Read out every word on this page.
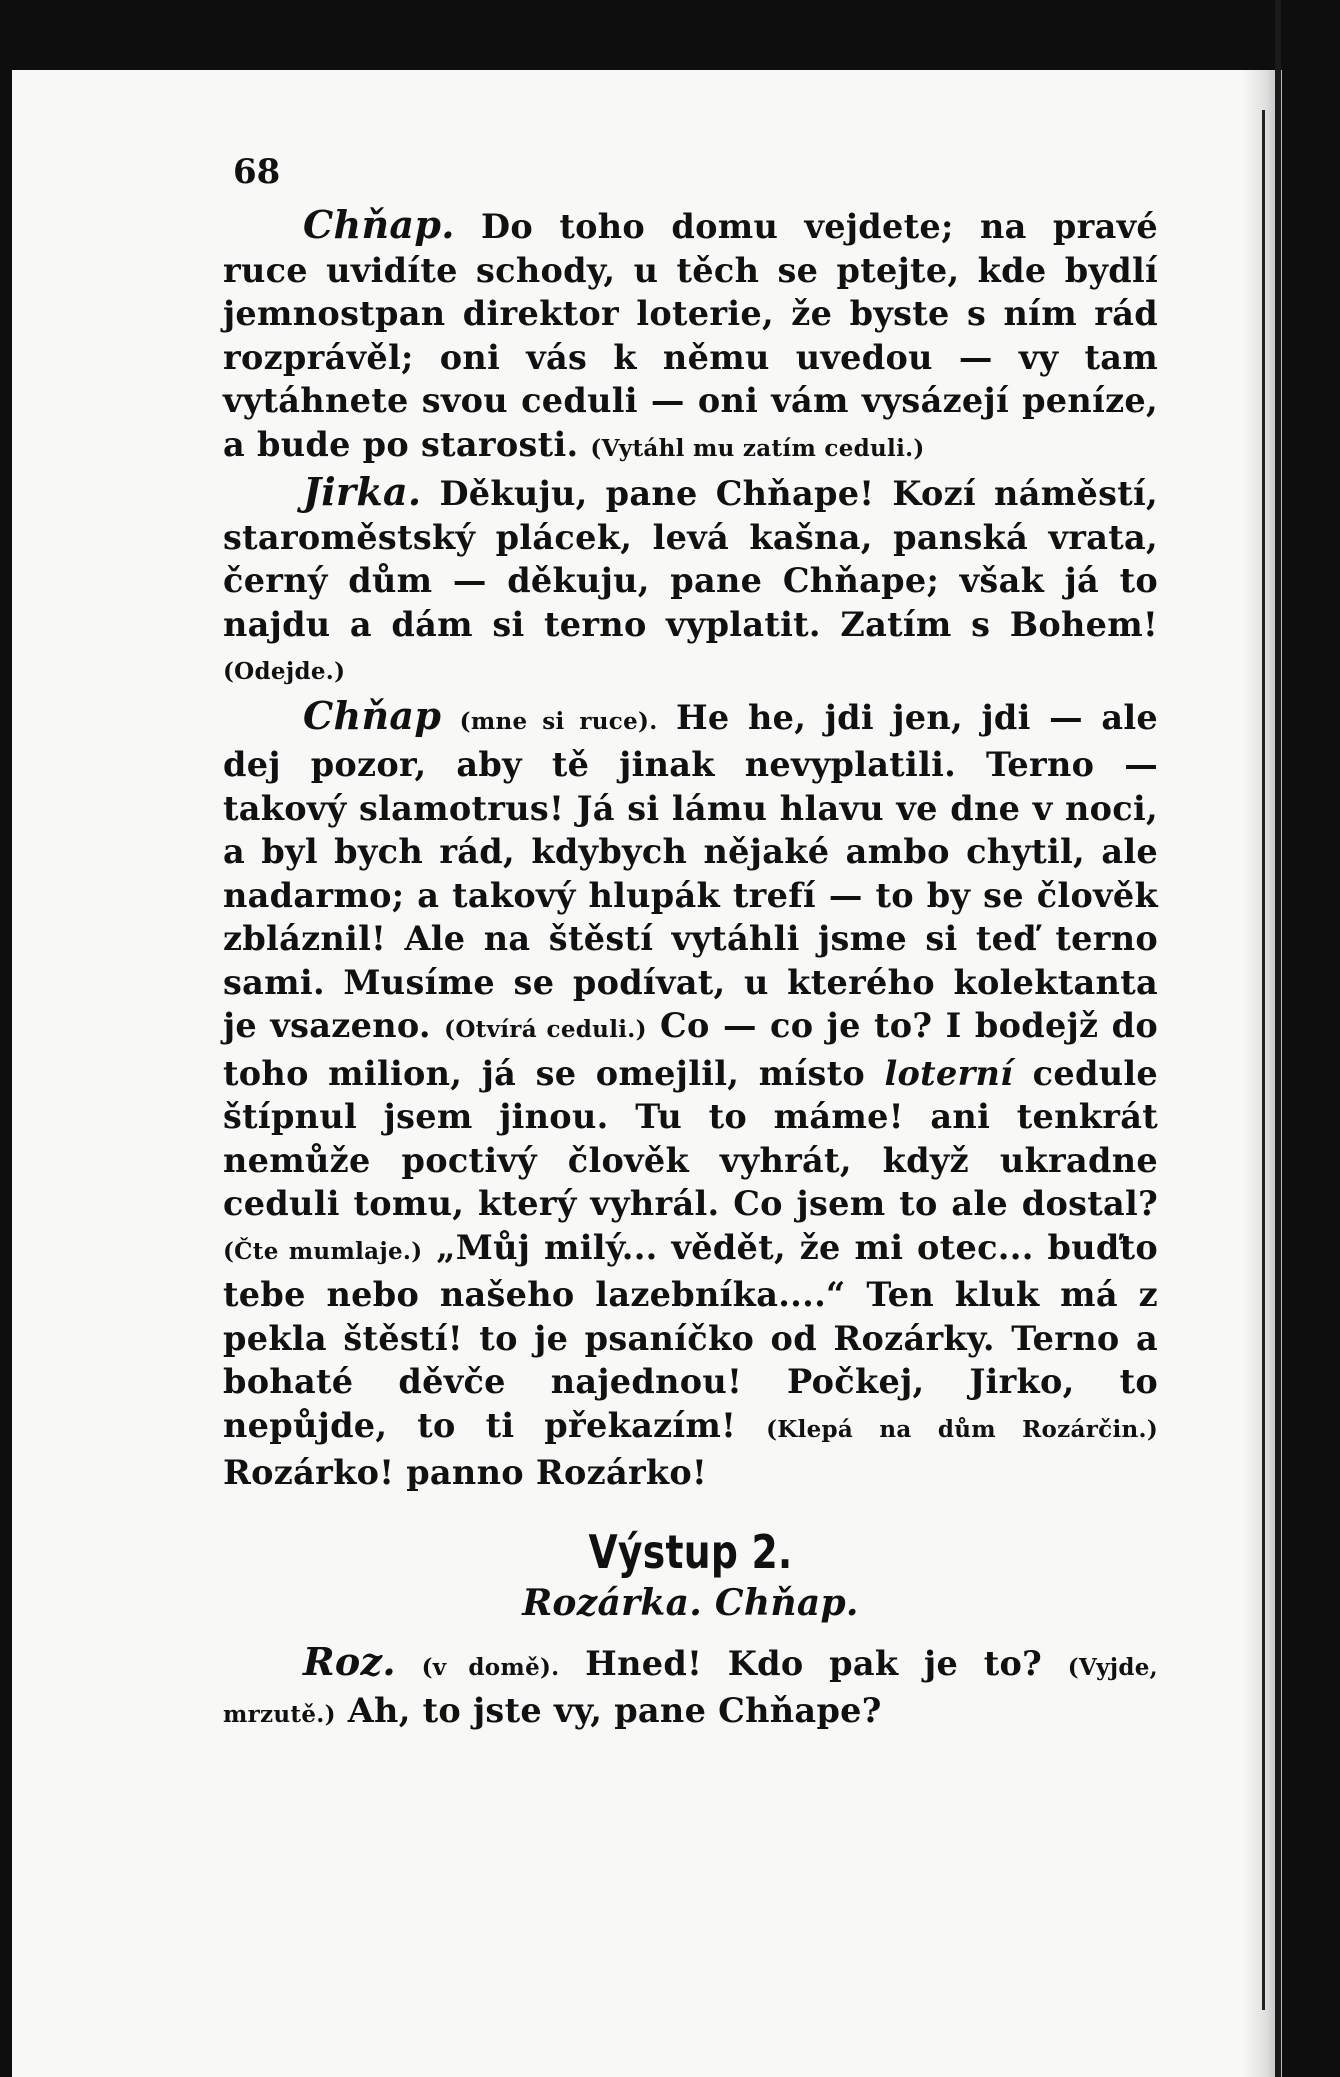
68

Chňap. Do toho domu vejdete; na pravé ruce uvidíte schody, u těch se ptejte, kde bydlí jemnostpan direktor loterie, že byste s ním rád rozprávěl; oni vás k němu uvedou — vy tam vytáhnete svou ceduli — oni vám vysázejí peníze, a bude po starosti. (Vytáhl mu zatím ceduli.)

Jirka. Děkuju, pane Chňape! Kozí náměstí, staroměstský plácek, levá kašna, panská vrata, černý dům — děkuju, pane Chňape; však já to najdu a dám si terno vyplatit. Zatím s Bohem! (Odejde.)

Chňap (mne si ruce). He he, jdi jen, jdi — ale dej pozor, aby tě jinak nevyplatili. Terno — takový slamotrus! Já si lámu hlavu ve dne v noci, a byl bych rád, kdybych nějaké ambo chytil, ale nadarmo; a takový hlupák trefí — to by se člověk zbláznil! Ale na štěstí vytáhli jsme si teď terno sami. Musíme se podívat, u kterého kolektanta je vsazeno. (Otvírá ceduli.) Co — co je to? I bodejž do toho milion, já se omejlil, místo loterní cedule štípnul jsem jinou. Tu to máme! ani tenkrát nemůže poctivý člověk vyhrát, když ukradne ceduli tomu, který vyhrál. Co jsem to ale dostal? (Čte mumlaje.) „Můj milý... vědět, že mi otec... buďto tebe nebo našeho lazebníka....“ Ten kluk má z pekla štěstí! to je psaníčko od Rozárky. Terno a bohaté děvče najednou! Počkej, Jirko, to nepůjde, to ti překazím! (Klepá na dům Rozárčin.) Rozárko! panno Rozárko!

Výstup 2.
Rozárka. Chňap.

Roz. (v domě). Hned! Kdo pak je to? (Vyjde, mrzutě.) Ah, to jste vy, pane Chňape?
